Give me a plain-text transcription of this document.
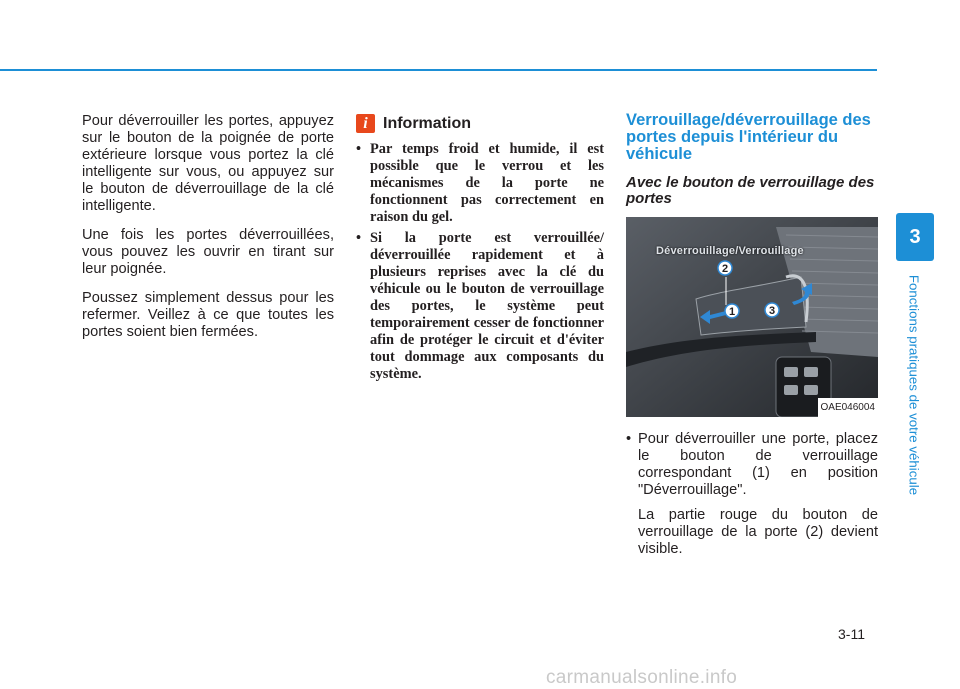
Pour déverrouiller les portes, appuyez sur le bouton de la poignée de porte extérieure lorsque vous portez la clé intelligente sur vous, ou appuyez sur le bouton de déverrouillage de la clé intelligente.

Une fois les portes déverrouillées, vous pouvez les ouvrir en tirant sur leur poignée.

Poussez simplement dessus pour les refermer. Veillez à ce que toutes les portes soient bien fermées.

i Information
• Par temps froid et humide, il est possible que le verrou et les mécanismes de la porte ne fonctionnent pas correctement en raison du gel.
• Si la porte est verrouillée/ déverrouillée rapidement et à plusieurs reprises avec la clé du véhicule ou le bouton de verrouillage des portes, le système peut temporairement cesser de fonctionner afin de protéger le circuit et d'éviter tout dommage aux composants du système.
Verrouillage/déverrouillage des portes depuis l'intérieur du véhicule
Avec le bouton de verrouillage des portes
Déverrouillage/Verrouillage
1
2
3
OAE046004
• Pour déverrouiller une porte, placez le bouton de verrouillage correspondant (1) en position "Déverrouillage".

La partie rouge du bouton de verrouillage de la porte (2) devient visible.

3
Fonctions pratiques de votre véhicule
3-11
carmanualsonline.info
